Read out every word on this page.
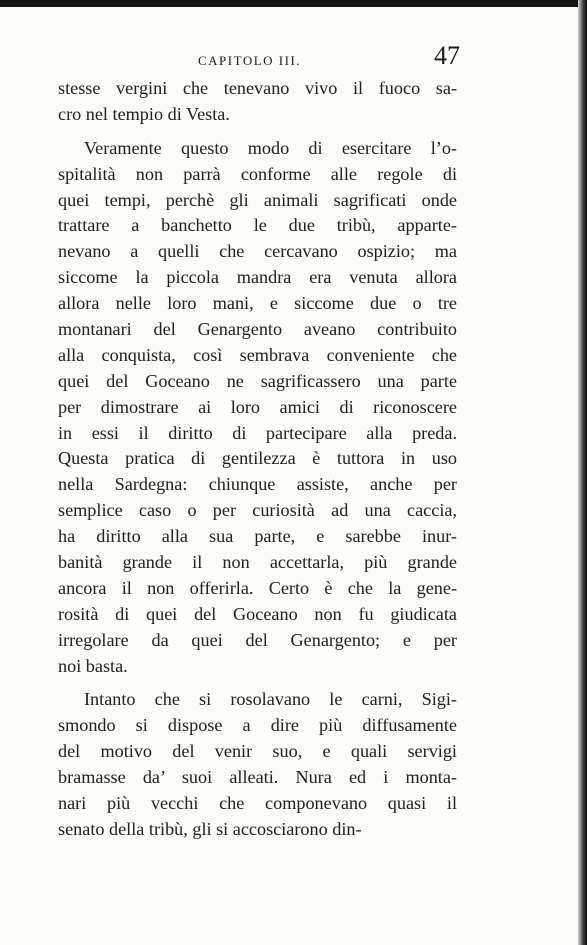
CAPITOLO III.	47
stesse vergini che tenevano vivo il fuoco sa-
cro nel tempio di Vesta.
Veramente questo modo di esercitare l’o-
spitalità non parrà conforme alle regole di
quei tempi, perchè gli animali sagrificati onde
trattare a banchetto le due tribù, apparte-
nevano a quelli che cercavano ospizio; ma
siccome la piccola mandra era venuta allora
allora nelle loro mani, e siccome due o tre
montanari del Genargento aveano contribuito
alla conquista, così sembrava conveniente che
quei del Goceano ne sagrificassero una parte
per dimostrare ai loro amici di riconoscere
in essi il diritto di partecipare alla preda.
Questa pratica di gentilezza è tuttora in uso
nella Sardegna: chiunque assiste, anche per
semplice caso o per curiosità ad una caccia,
ha diritto alla sua parte, e sarebbe inur-
banità grande il non accettarla, più grande
ancora il non offerirla. Certo è che la gene-
rosità di quei del Goceano non fu giudicata
irregolare da quei del Genargento; e per
noi basta.
Intanto che si rosolavano le carni, Sigi-
smondo si dispose a dire più diffusamente
del motivo del venir suo, e quali servigi
bramasse da’ suoi alleati. Nura ed i monta-
nari più vecchi che componevano quasi il
senato della tribù, gli si accosciarono din-
